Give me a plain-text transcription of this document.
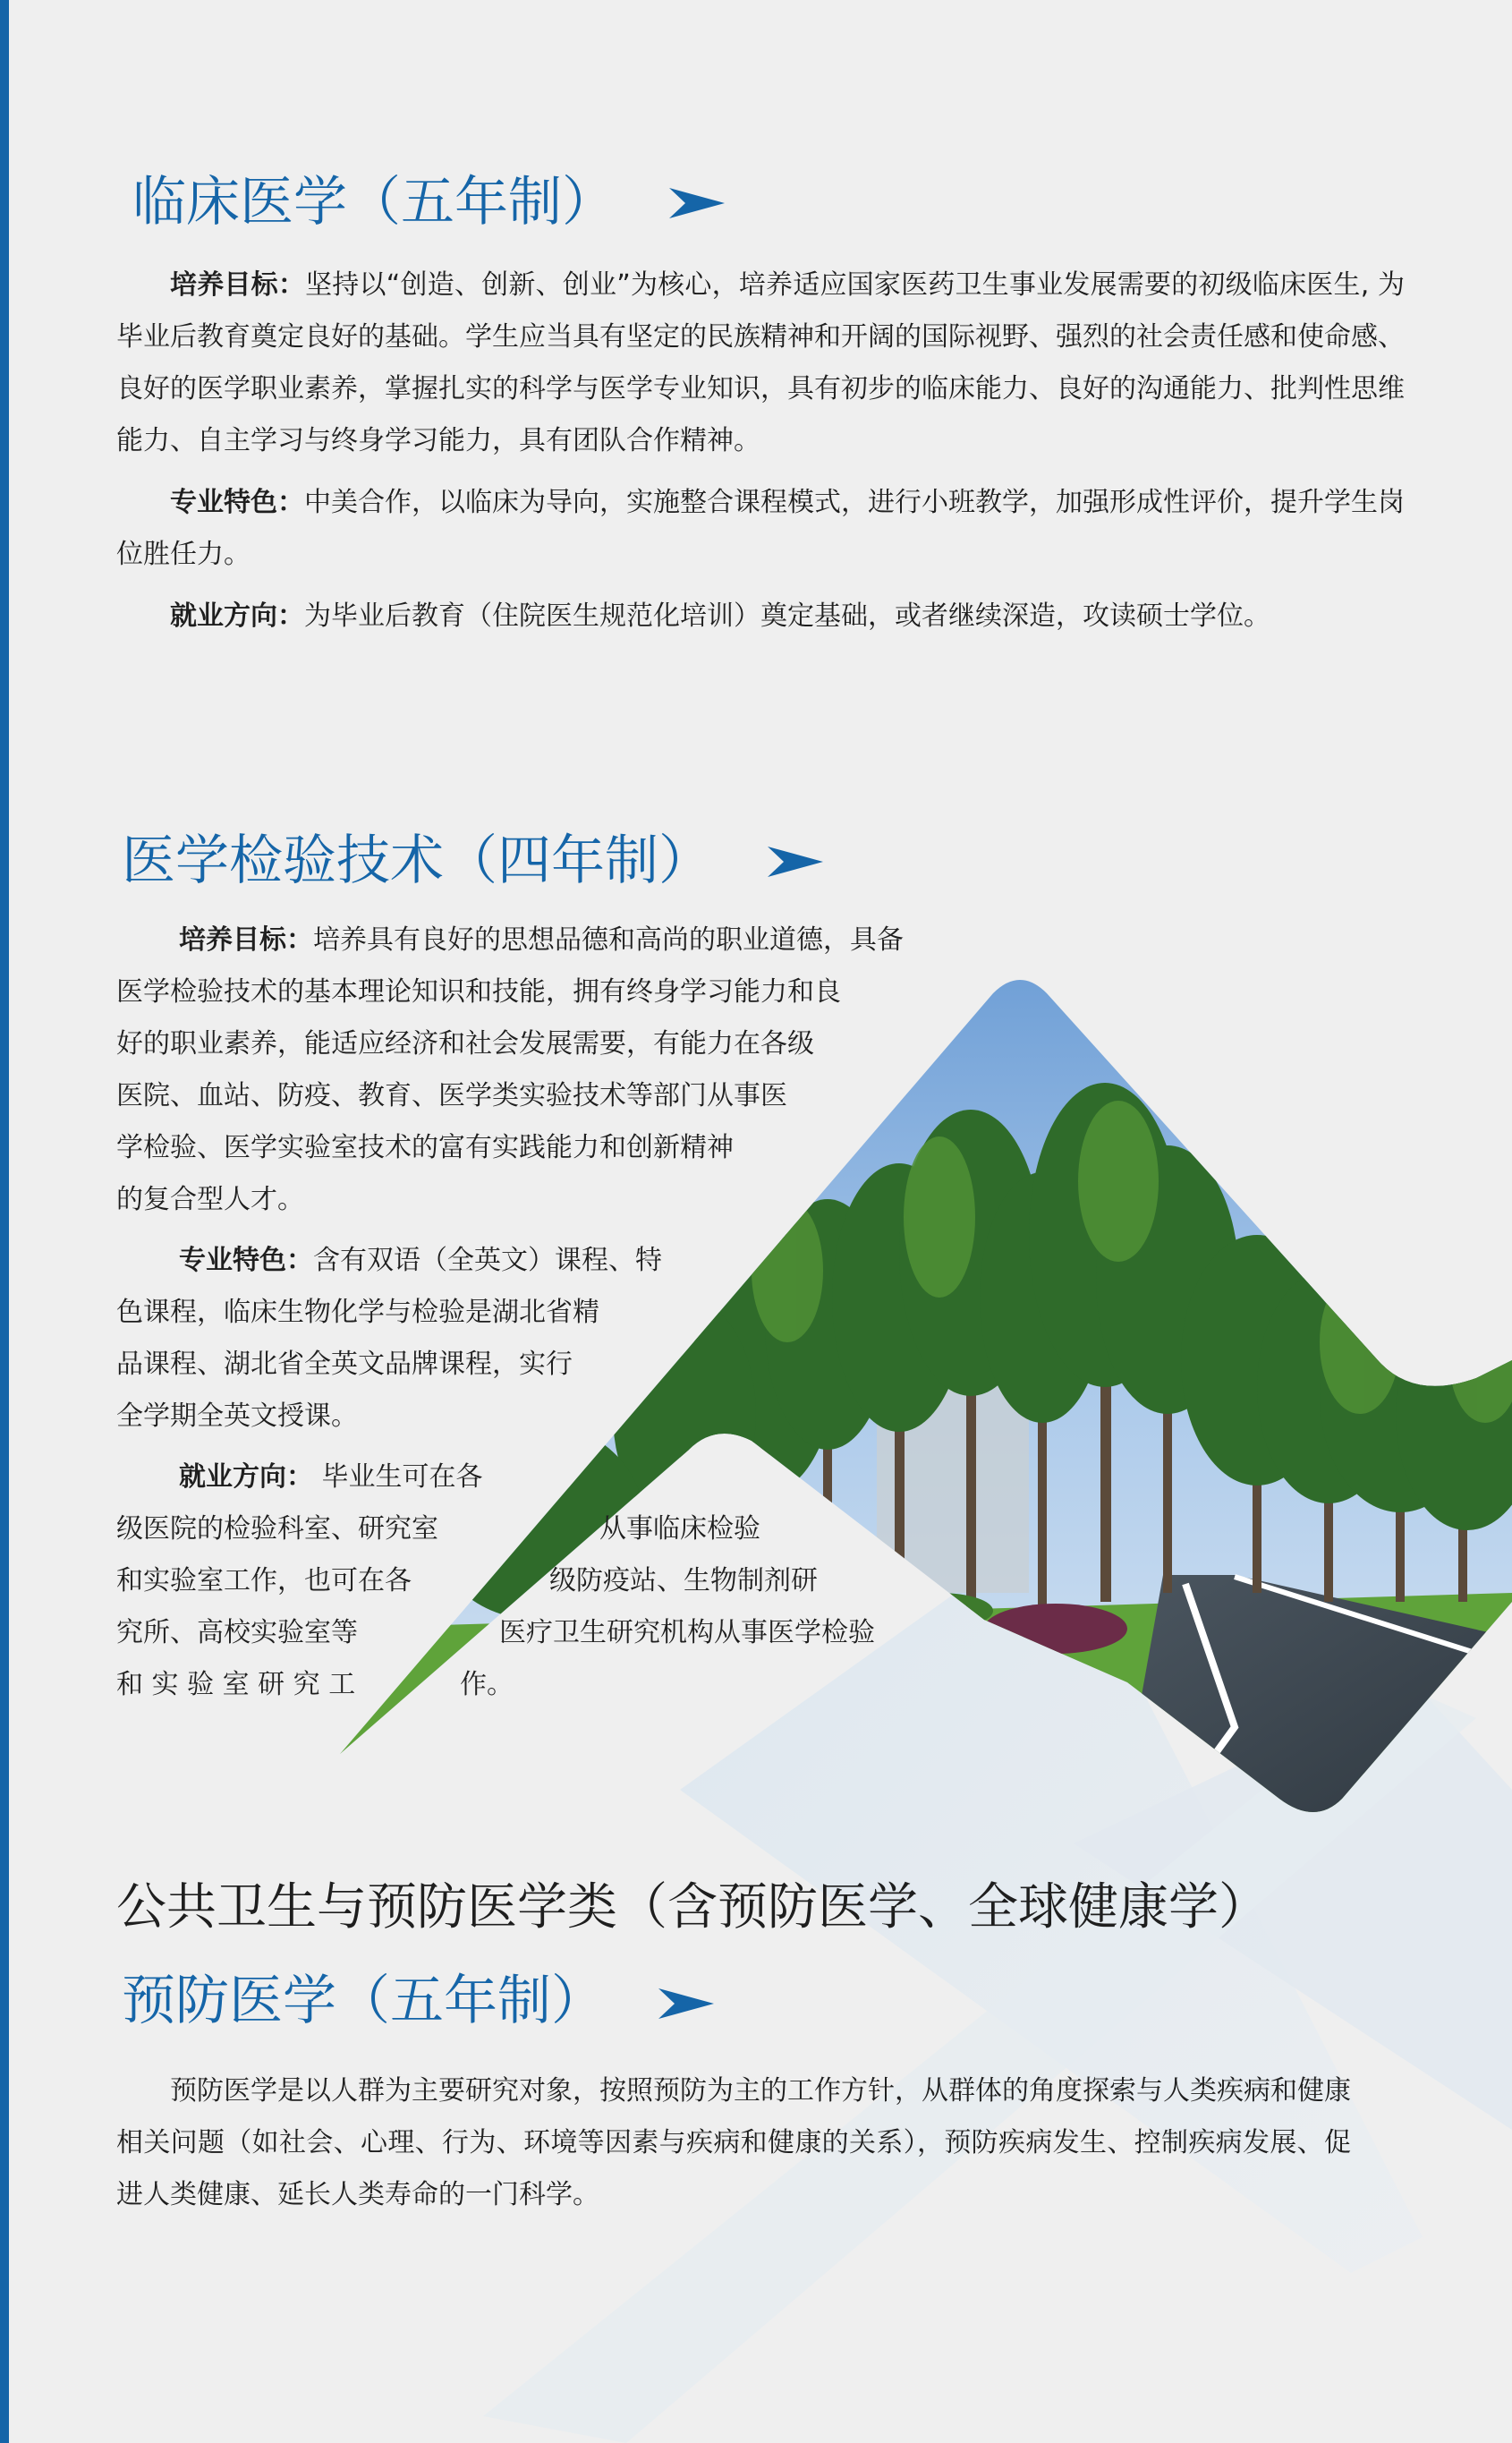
临床医学（五年制）

培养目标：坚持以“创造、创新、创业”为核心，培养适应国家医药卫生事业发展需要的初级临床医生, 为毕业后教育奠定良好的基础。学生应当具有坚定的民族精神和开阔的国际视野、强烈的社会责任感和使命感、良好的医学职业素养，掌握扎实的科学与医学专业知识，具有初步的临床能力、良好的沟通能力、批判性思维能力、自主学习与终身学习能力，具有团队合作精神。

专业特色：中美合作，以临床为导向，实施整合课程模式，进行小班教学，加强形成性评价，提升学生岗位胜任力。

就业方向：为毕业后教育（住院医生规范化培训）奠定基础，或者继续深造，攻读硕士学位。

医学检验技术（四年制）
培养目标：培养具有良好的思想品德和高尚的职业道德，具备
医学检验技术的基本理论知识和技能，拥有终身学习能力和良
好的职业素养，能适应经济和社会发展需要，有能力在各级
医院、血站、防疫、教育、医学类实验技术等部门从事医
学检验、医学实验室技术的富有实践能力和创新精神
的复合型人才。
专业特色：含有双语（全英文）课程、特
色课程，临床生物化学与检验是湖北省精
品课程、湖北省全英文品牌课程，实行
全学期全英文授课。
就业方向： 毕业生可在各
级医院的检验科室、研究室	从事临床检验
和实验室工作，也可在各	级防疫站、生物制剂研
究所、高校实验室等	医疗卫生研究机构从事医学检验
和 实 验 室 研 究 工	作。
公共卫生与预防医学类（含预防医学、全球健康学）
预防医学（五年制）

预防医学是以人群为主要研究对象，按照预防为主的工作方针，从群体的角度探索与人类疾病和健康相关问题（如社会、心理、行为、环境等因素与疾病和健康的关系），预防疾病发生、控制疾病发展、促进人类健康、延长人类寿命的一门科学。
